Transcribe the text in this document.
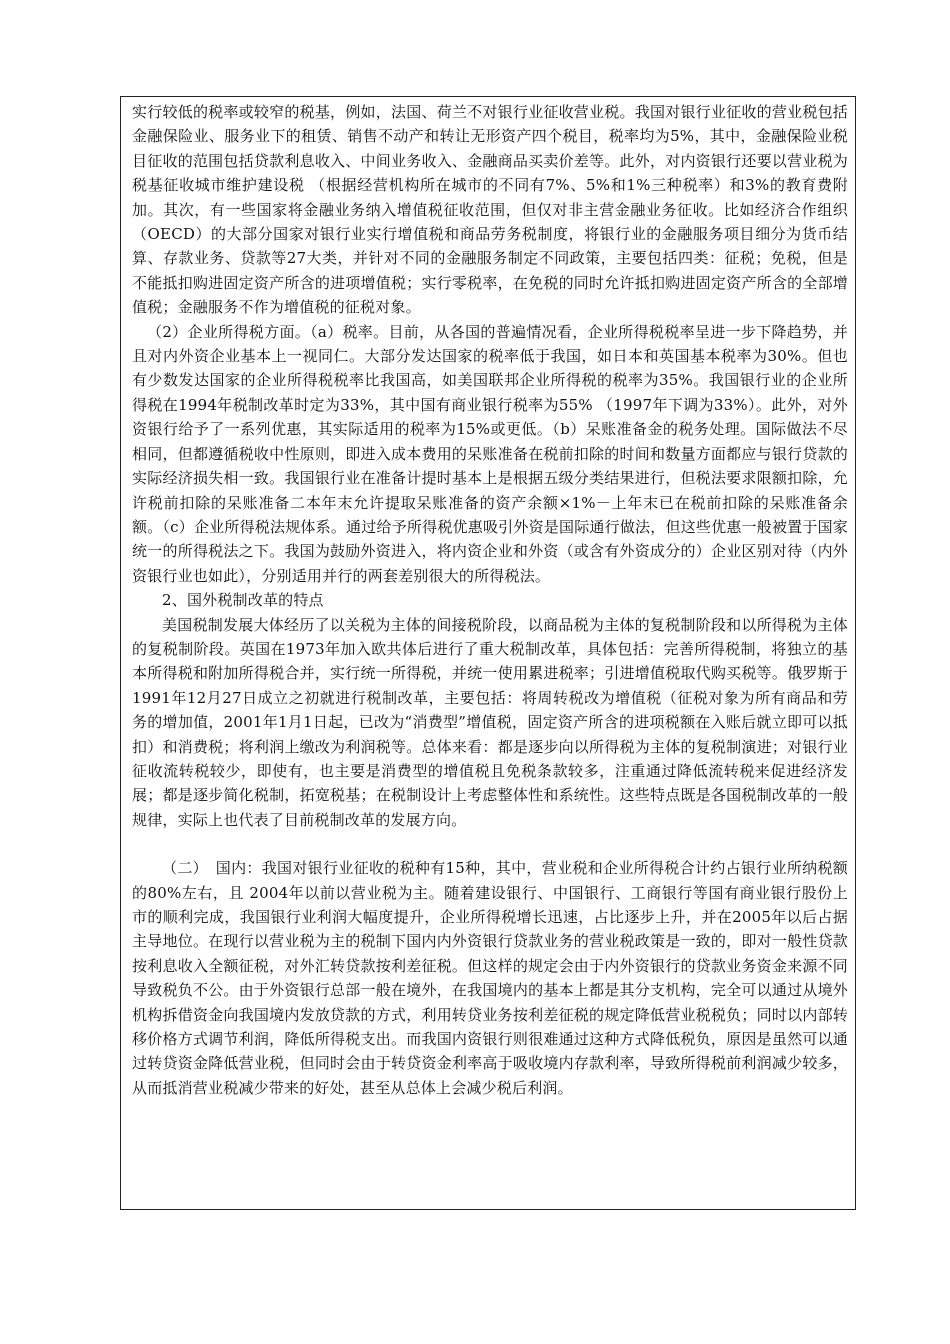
实行较低的税率或较窄的税基，例如，法国、荷兰不对银行业征收营业税。我国对银行业征收的营业税包括金融保险业、服务业下的租赁、销售不动产和转让无形资产四个税目，税率均为5%，其中，金融保险业税目征收的范围包括贷款利息收入、中间业务收入、金融商品买卖价差等。此外，对内资银行还要以营业税为税基征收城市维护建设税 （根据经营机构所在城市的不同有7%、5%和1%三种税率）和3%的教育费附加。其次，有一些国家将金融业务纳入增值税征收范围，但仅对非主营金融业务征收。比如经济合作组织（OECD）的大部分国家对银行业实行增值税和商品劳务税制度，将银行业的金融服务项目细分为货币结算、存款业务、贷款等27大类，并针对不同的金融服务制定不同政策，主要包括四类：征税；免税，但是不能抵扣购进固定资产所含的进项增值税；实行零税率，在免税的同时允许抵扣购进固定资产所含的全部增值税；金融服务不作为增值税的征税对象。

（2）企业所得税方面。（a）税率。目前，从各国的普遍情况看，企业所得税税率呈进一步下降趋势，并且对内外资企业基本上一视同仁。大部分发达国家的税率低于我国，如日本和英国基本税率为30%。但也有少数发达国家的企业所得税税率比我国高，如美国联邦企业所得税的税率为35%。我国银行业的企业所得税在1994年税制改革时定为33%，其中国有商业银行税率为55% （1997年下调为33%）。此外，对外资银行给予了一系列优惠，其实际适用的税率为15%或更低。（b）呆账准备金的税务处理。国际做法不尽相同，但都遵循税收中性原则，即进入成本费用的呆账准备在税前扣除的时间和数量方面都应与银行贷款的实际经济损失相一致。我国银行业在准备计提时基本上是根据五级分类结果进行，但税法要求限额扣除，允许税前扣除的呆账准备二本年末允许提取呆账准备的资产余额×1%－上年末已在税前扣除的呆账准备余额。（c）企业所得税法规体系。通过给予所得税优惠吸引外资是国际通行做法，但这些优惠一般被置于国家统一的所得税法之下。我国为鼓励外资进入，将内资企业和外资（或含有外资成分的）企业区别对待（内外资银行业也如此），分别适用并行的两套差别很大的所得税法。

2、国外税制改革的特点

美国税制发展大体经历了以关税为主体的间接税阶段，以商品税为主体的复税制阶段和以所得税为主体的复税制阶段。英国在1973年加入欧共体后进行了重大税制改革，具体包括：完善所得税制，将独立的基本所得税和附加所得税合并，实行统一所得税，并统一使用累进税率；引进增值税取代购买税等。俄罗斯于1991年12月27日成立之初就进行税制改革，主要包括：将周转税改为增值税（征税对象为所有商品和劳务的增加值，2001年1月1日起，已改为“消费型”增值税，固定资产所含的进项税额在入账后就立即可以抵扣）和消费税；将利润上缴改为利润税等。总体来看：都是逐步向以所得税为主体的复税制演进；对银行业征收流转税较少，即使有，也主要是消费型的增值税且免税条款较多，注重通过降低流转税来促进经济发展；都是逐步简化税制，拓宽税基；在税制设计上考虑整体性和系统性。这些特点既是各国税制改革的一般规律，实际上也代表了目前税制改革的发展方向。

（二）　国内：我国对银行业征收的税种有15种，其中，营业税和企业所得税合计约占银行业所纳税额的80%左右，且 2004年以前以营业税为主。随着建设银行、中国银行、工商银行等国有商业银行股份上市的顺利完成，我国银行业利润大幅度提升，企业所得税增长迅速，占比逐步上升，并在2005年以后占据主导地位。在现行以营业税为主的税制下国内内外资银行贷款业务的营业税政策是一致的，即对一般性贷款按利息收入全额征税，对外汇转贷款按利差征税。但这样的规定会由于内外资银行的贷款业务资金来源不同导致税负不公。由于外资银行总部一般在境外，在我国境内的基本上都是其分支机构，完全可以通过从境外机构拆借资金向我国境内发放贷款的方式，利用转贷业务按利差征税的规定降低营业税税负；同时以内部转移价格方式调节利润，降低所得税支出。而我国内资银行则很难通过这种方式降低税负，原因是虽然可以通过转贷资金降低营业税，但同时会由于转贷资金利率高于吸收境内存款利率，导致所得税前利润减少较多，从而抵消营业税减少带来的好处，甚至从总体上会减少税后利润。
